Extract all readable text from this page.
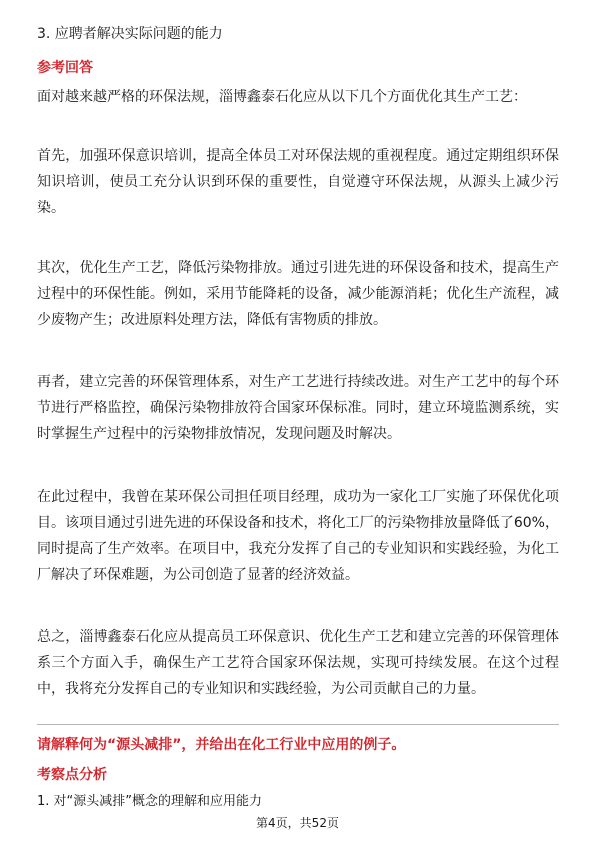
3. 应聘者解决实际问题的能力
参考回答
面对越来越严格的环保法规，淄博鑫泰石化应从以下几个方面优化其生产工艺：
首先，加强环保意识培训，提高全体员工对环保法规的重视程度。通过定期组织环保知识培训，使员工充分认识到环保的重要性，自觉遵守环保法规，从源头上减少污染。
其次，优化生产工艺，降低污染物排放。通过引进先进的环保设备和技术，提高生产过程中的环保性能。例如，采用节能降耗的设备，减少能源消耗；优化生产流程，减少废物产生；改进原料处理方法，降低有害物质的排放。
再者，建立完善的环保管理体系，对生产工艺进行持续改进。对生产工艺中的每个环节进行严格监控，确保污染物排放符合国家环保标准。同时，建立环境监测系统，实时掌握生产过程中的污染物排放情况，发现问题及时解决。
在此过程中，我曾在某环保公司担任项目经理，成功为一家化工厂实施了环保优化项目。该项目通过引进先进的环保设备和技术，将化工厂的污染物排放量降低了60%，同时提高了生产效率。在项目中，我充分发挥了自己的专业知识和实践经验，为化工厂解决了环保难题，为公司创造了显著的经济效益。
总之，淄博鑫泰石化应从提高员工环保意识、优化生产工艺和建立完善的环保管理体系三个方面入手，确保生产工艺符合国家环保法规，实现可持续发展。在这个过程中，我将充分发挥自己的专业知识和实践经验，为公司贡献自己的力量。
请解释何为“源头减排”，并给出在化工行业中应用的例子。
考察点分析
1. 对“源头减排”概念的理解和应用能力
第4页，共52页
